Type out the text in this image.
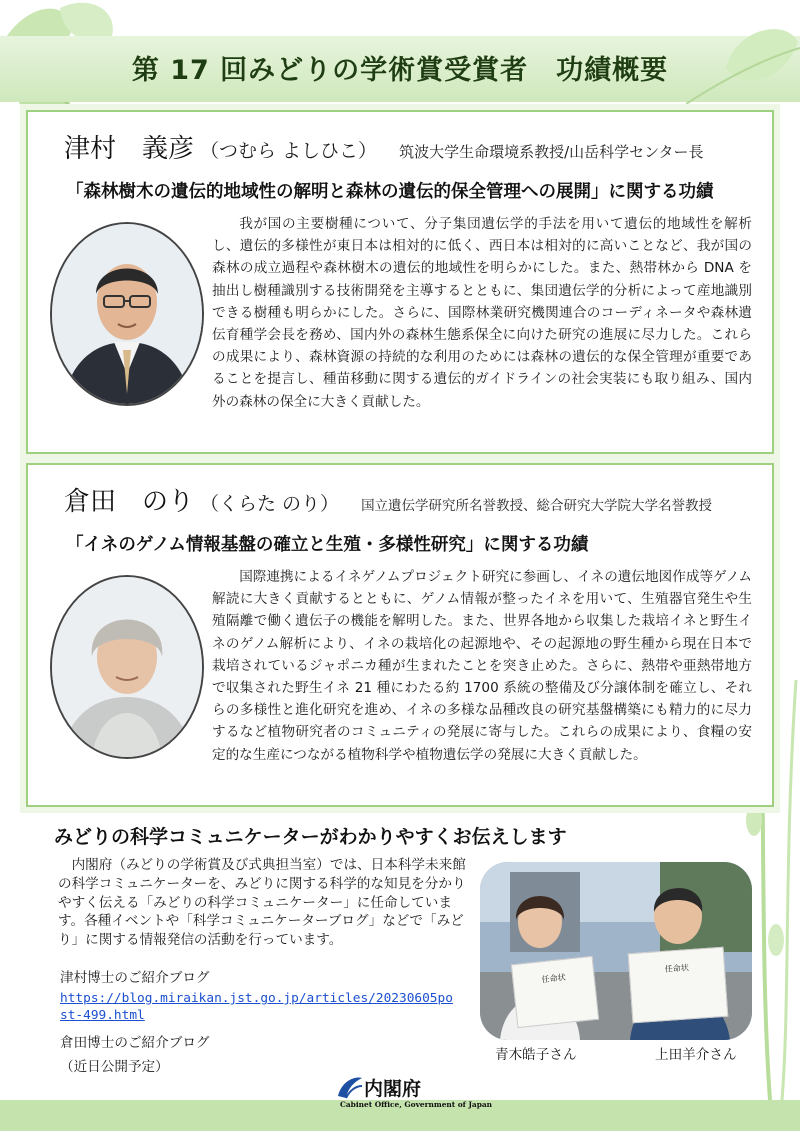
第 17 回みどりの学術賞受賞者　功績概要
津村　義彦 （つむら よしひこ） 筑波大学生命環境系教授/山岳科学センター長
「森林樹木の遺伝的地域性の解明と森林の遺伝的保全管理への展開」に関する功績
我が国の主要樹種について、分子集団遺伝学的手法を用いて遺伝的地域性を解析し、遺伝的多様性が東日本は相対的に低く、西日本は相対的に高いことなど、我が国の森林の成立過程や森林樹木の遺伝的地域性を明らかにした。また、熱帯林から DNA を抽出し樹種識別する技術開発を主導するとともに、集団遺伝学的分析によって産地識別できる樹種も明らかにした。さらに、国際林業研究機関連合のコーディネータや森林遺伝育種学会長を務め、国内外の森林生態系保全に向けた研究の進展に尽力した。これらの成果により、森林資源の持続的な利用のためには森林の遺伝的な保全管理が重要であることを提言し、種苗移動に関する遺伝的ガイドラインの社会実装にも取り組み、国内外の森林の保全に大きく貢献した。
倉田　のり （くらた のり） 国立遺伝学研究所名誉教授、総合研究大学院大学名誉教授
「イネのゲノム情報基盤の確立と生殖・多様性研究」に関する功績
国際連携によるイネゲノムプロジェクト研究に参画し、イネの遺伝地図作成等ゲノム解読に大きく貢献するとともに、ゲノム情報が整ったイネを用いて、生殖器官発生や生殖隔離で働く遺伝子の機能を解明した。また、世界各地から収集した栽培イネと野生イネのゲノム解析により、イネの栽培化の起源地や、その起源地の野生種から現在日本で栽培されているジャポニカ種が生まれたことを突き止めた。さらに、熱帯や亜熱帯地方で収集された野生イネ 21 種にわたる約 1700 系統の整備及び分譲体制を確立し、それらの多様性と進化研究を進め、イネの多様な品種改良の研究基盤構築にも精力的に尽力するなど植物研究者のコミュニティの発展に寄与した。これらの成果により、食糧の安定的な生産につながる植物科学や植物遺伝学の発展に大きく貢献した。
みどりの科学コミュニケーターがわかりやすくお伝えします
内閣府（みどりの学術賞及び式典担当室）では、日本科学未来館の科学コミュニケーターを、みどりに関する科学的な知見を分かりやすく伝える「みどりの科学コミュニケーター」に任命しています。各種イベントや「科学コミュニケーターブログ」などで「みどり」に関する情報発信の活動を行っています。
津村博士のご紹介ブログ
https://blog.miraikan.jst.go.jp/articles/20230605post-499.html
倉田博士のご紹介ブログ
（近日公開予定）
任命状
任命状
青木皓子さん	上田羊介さん
内閣府
Cabinet Office, Government of Japan
